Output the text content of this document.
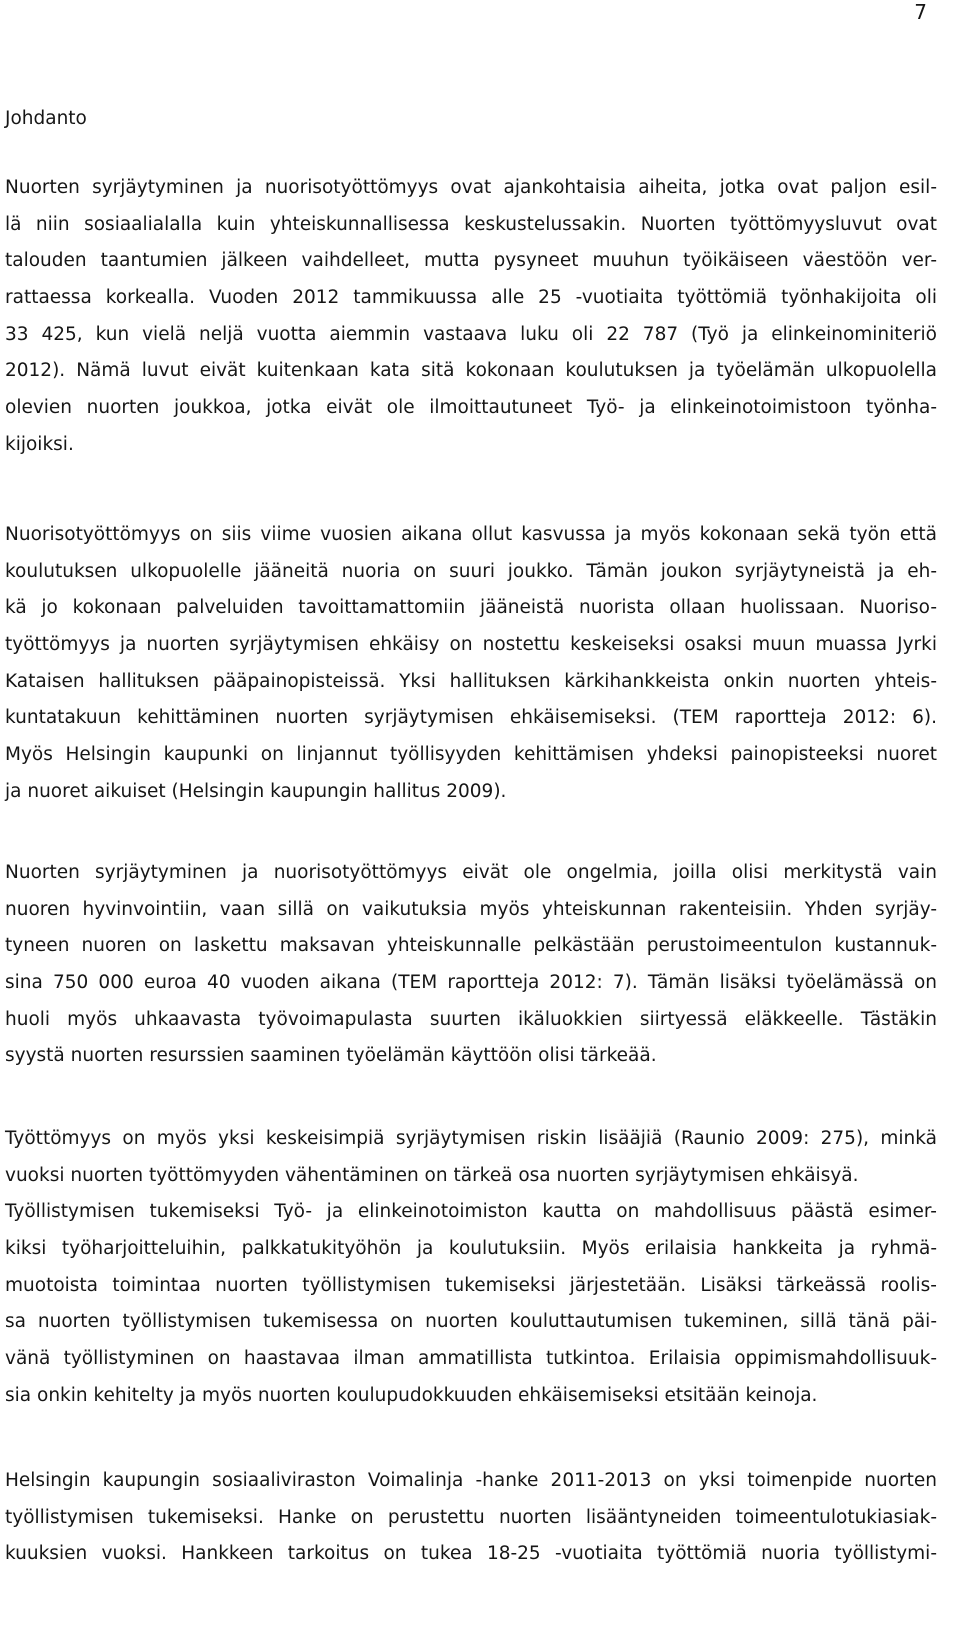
7
Johdanto
Nuorten syrjäytyminen ja nuorisotyöttömyys ovat ajankohtaisia aiheita, jotka ovat paljon esil-
lä niin sosiaalialalla kuin yhteiskunnallisessa keskustelussakin. Nuorten työttömyysluvut ovat
talouden taantumien jälkeen vaihdelleet, mutta pysyneet muuhun työikäiseen väestöön ver-
rattaessa korkealla. Vuoden 2012 tammikuussa alle 25 -vuotiaita työttömiä työnhakijoita oli
33 425, kun vielä neljä vuotta aiemmin vastaava luku oli 22 787 (Työ ja elinkeinominiteriö
2012). Nämä luvut eivät kuitenkaan kata sitä kokonaan koulutuksen ja työelämän ulkopuolella
olevien nuorten joukkoa, jotka eivät ole ilmoittautuneet Työ- ja elinkeinotoimistoon työnha-
kijoiksi.
Nuorisotyöttömyys on siis viime vuosien aikana ollut kasvussa ja myös kokonaan sekä työn että
koulutuksen ulkopuolelle jääneitä nuoria on suuri joukko. Tämän joukon syrjäytyneistä ja eh-
kä jo kokonaan palveluiden tavoittamattomiin jääneistä nuorista ollaan huolissaan. Nuoriso-
työttömyys ja nuorten syrjäytymisen ehkäisy on nostettu keskeiseksi osaksi muun muassa Jyrki
Kataisen hallituksen pääpainopisteissä. Yksi hallituksen kärkihankkeista onkin nuorten yhteis-
kuntatakuun kehittäminen nuorten syrjäytymisen ehkäisemiseksi. (TEM raportteja 2012: 6).
Myös Helsingin kaupunki on linjannut työllisyyden kehittämisen yhdeksi painopisteeksi nuoret
ja nuoret aikuiset (Helsingin kaupungin hallitus 2009).
Nuorten syrjäytyminen ja nuorisotyöttömyys eivät ole ongelmia, joilla olisi merkitystä vain
nuoren hyvinvointiin, vaan sillä on vaikutuksia myös yhteiskunnan rakenteisiin. Yhden syrjäy-
tyneen nuoren on laskettu maksavan yhteiskunnalle pelkästään perustoimeentulon kustannuk-
sina 750 000 euroa 40 vuoden aikana (TEM raportteja 2012: 7). Tämän lisäksi työelämässä on
huoli myös uhkaavasta työvoimapulasta suurten ikäluokkien siirtyessä eläkkeelle. Tästäkin
syystä nuorten resurssien saaminen työelämän käyttöön olisi tärkeää.
Työttömyys on myös yksi keskeisimpiä syrjäytymisen riskin lisääjiä (Raunio 2009: 275), minkä
vuoksi nuorten työttömyyden vähentäminen on tärkeä osa nuorten syrjäytymisen ehkäisyä.
Työllistymisen tukemiseksi Työ- ja elinkeinotoimiston kautta on mahdollisuus päästä esimer-
kiksi työharjoitteluihin, palkkatukityöhön ja koulutuksiin. Myös erilaisia hankkeita ja ryhmä-
muotoista toimintaa nuorten työllistymisen tukemiseksi järjestetään. Lisäksi tärkeässä roolis-
sa nuorten työllistymisen tukemisessa on nuorten kouluttautumisen tukeminen, sillä tänä päi-
vänä työllistyminen on haastavaa ilman ammatillista tutkintoa. Erilaisia oppimismahdollisuuk-
sia onkin kehitelty ja myös nuorten koulupudokkuuden ehkäisemiseksi etsitään keinoja.
Helsingin kaupungin sosiaaliviraston Voimalinja -hanke 2011-2013 on yksi toimenpide nuorten
työllistymisen tukemiseksi. Hanke on perustettu nuorten lisääntyneiden toimeentulotukiasiak-
kuuksien vuoksi. Hankkeen tarkoitus on tukea 18-25 -vuotiaita työttömiä nuoria työllistymi-
